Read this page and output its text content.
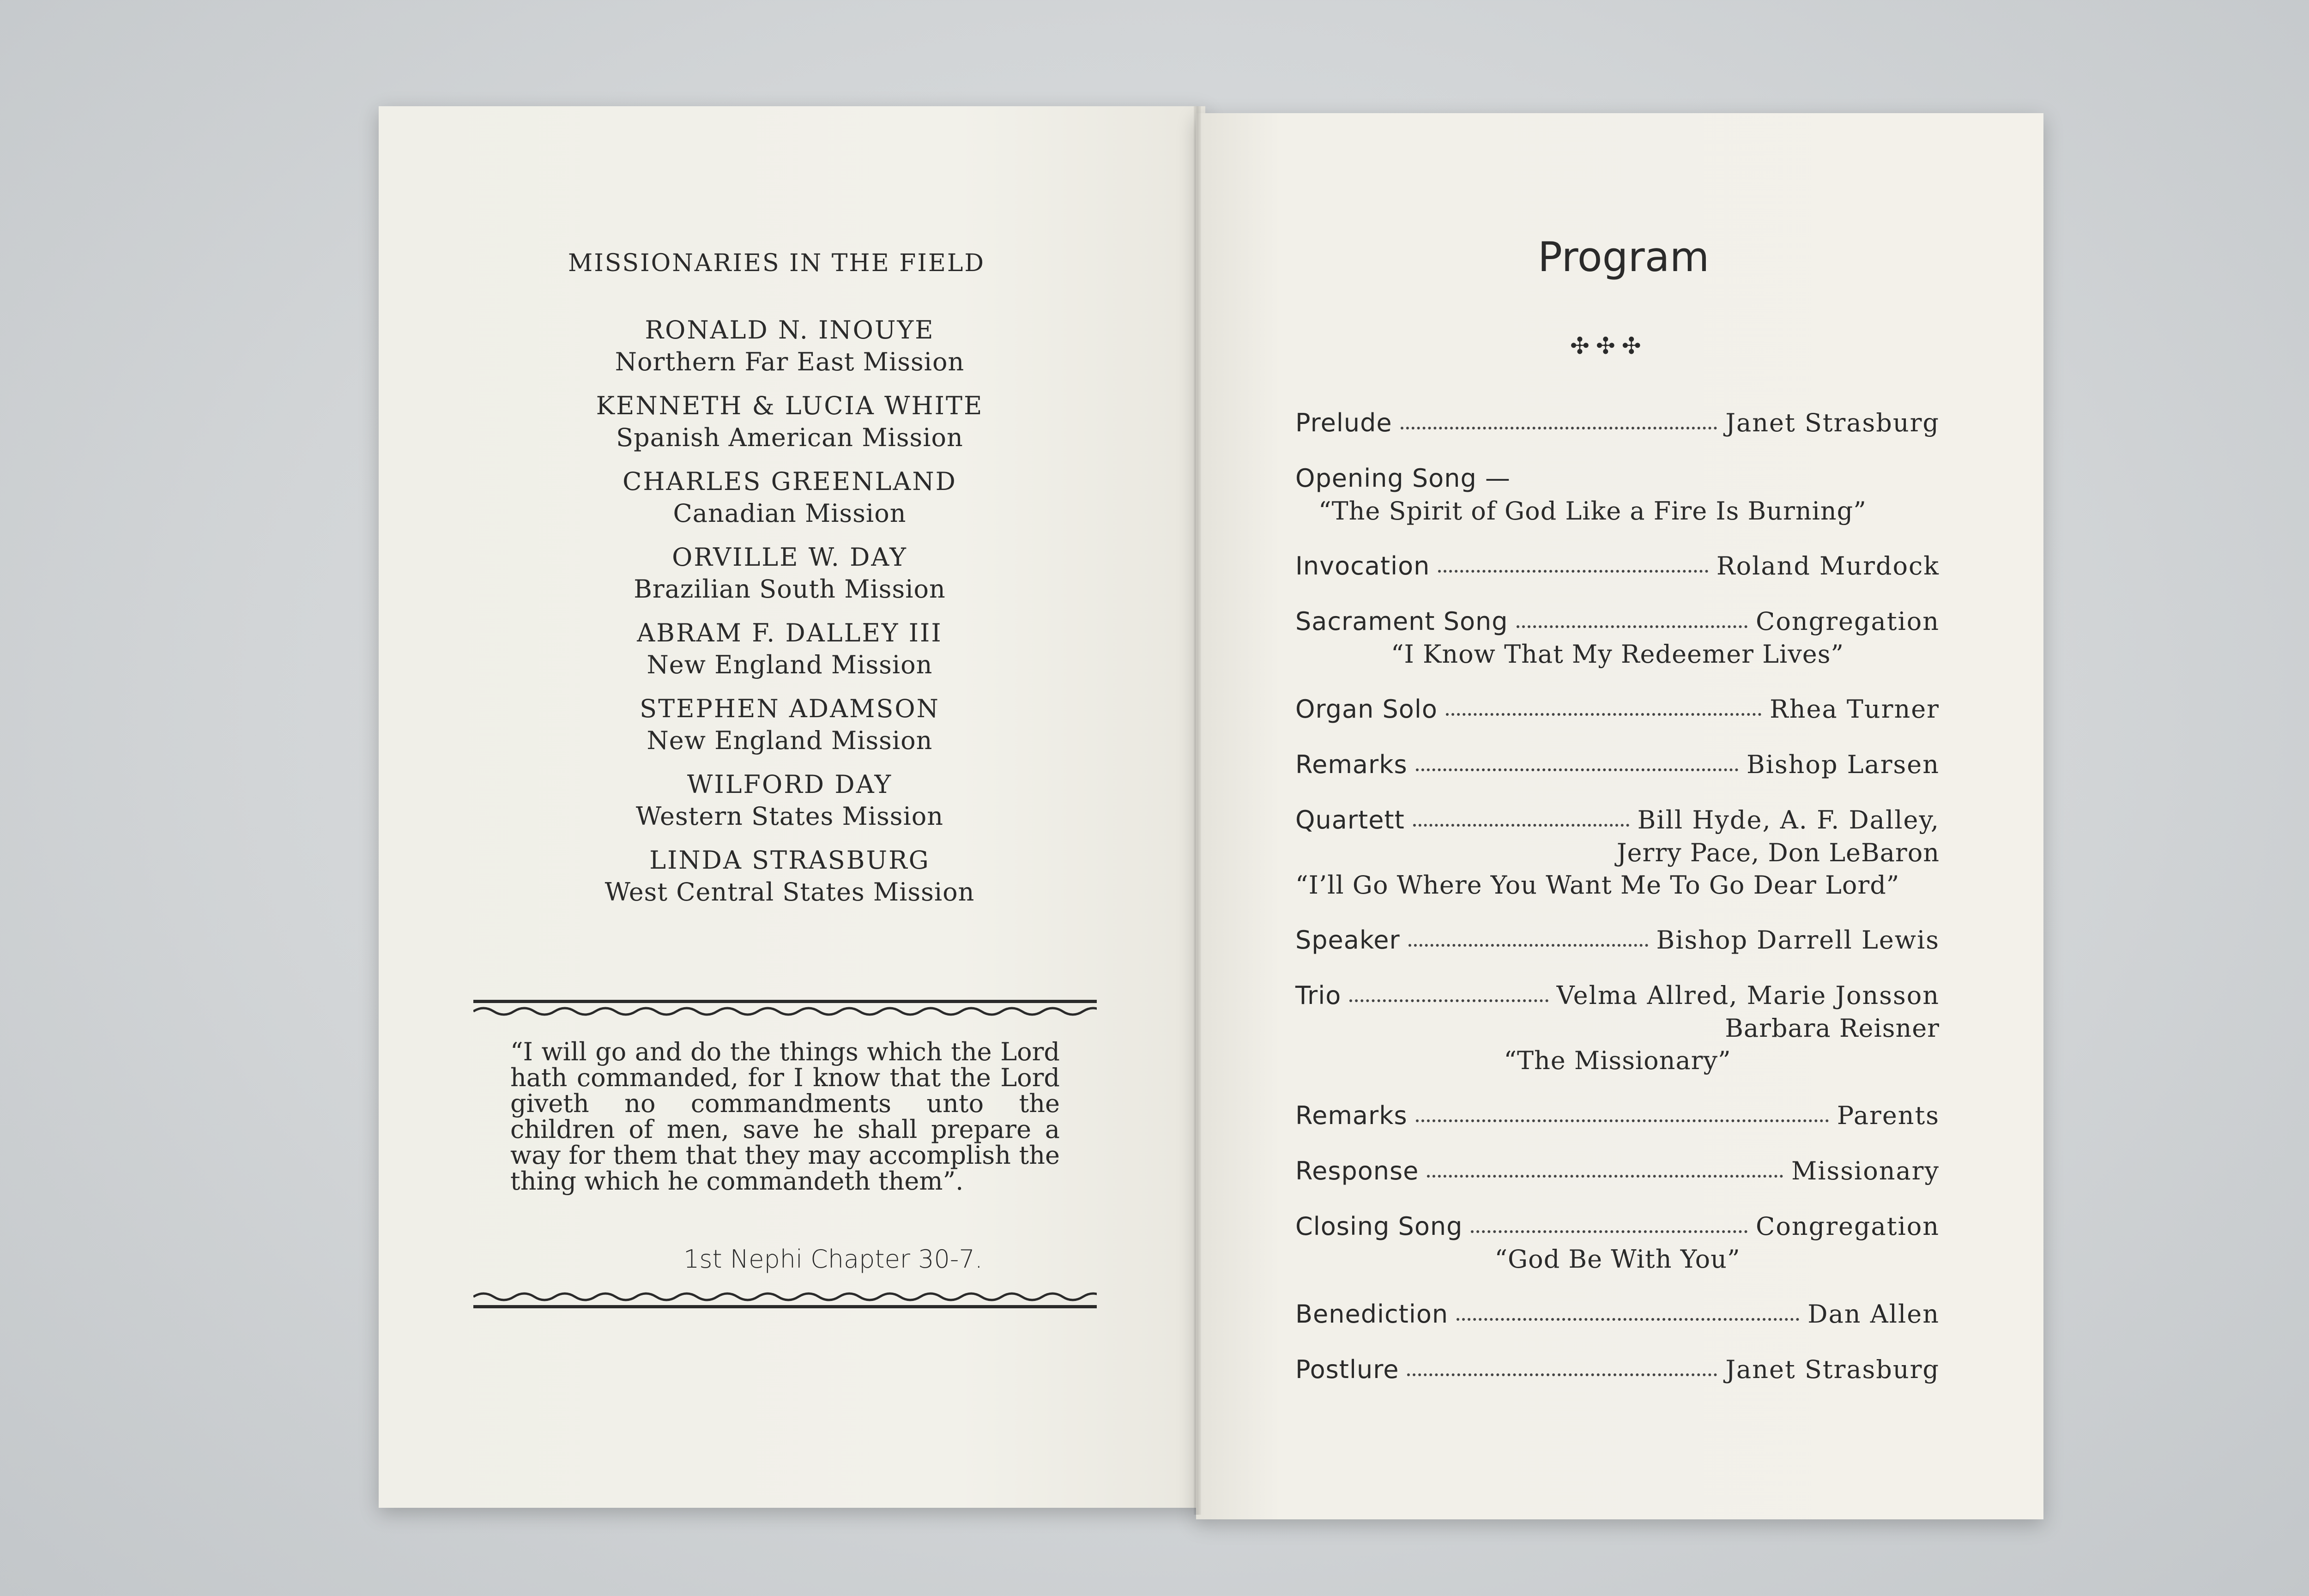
MISSIONARIES IN THE FIELD
RONALD N. INOUYE
Northern Far East Mission
KENNETH & LUCIA WHITE
Spanish American Mission
CHARLES GREENLAND
Canadian Mission
ORVILLE W. DAY
Brazilian South Mission
ABRAM F. DALLEY III
New England Mission
STEPHEN ADAMSON
New England Mission
WILFORD DAY
Western States Mission
LINDA STRASBURG
West Central States Mission
“I will go and do the things which the Lord hath commanded, for I know that the Lord giveth no commandments unto the children of men, save he shall prepare a way for them that they may accomplish the thing which he commandeth them”.
1st Nephi Chapter 30-7.
Program
✣✣✣
Prelude	Janet Strasburg
Opening Song —
“The Spirit of God Like a Fire Is Burning”
Invocation	Roland Murdock
Sacrament Song	Congregation
“I Know That My Redeemer Lives”
Organ Solo	Rhea Turner
Remarks	Bishop Larsen
Quartett	Bill Hyde, A. F. Dalley,
Jerry Pace, Don LeBaron
“I’ll Go Where You Want Me To Go Dear Lord”
Speaker	Bishop Darrell Lewis
Trio	Velma Allred, Marie Jonsson
Barbara Reisner
“The Missionary”
Remarks	Parents
Response	Missionary
Closing Song	Congregation
“God Be With You”
Benediction	Dan Allen
Postlure	Janet Strasburg
